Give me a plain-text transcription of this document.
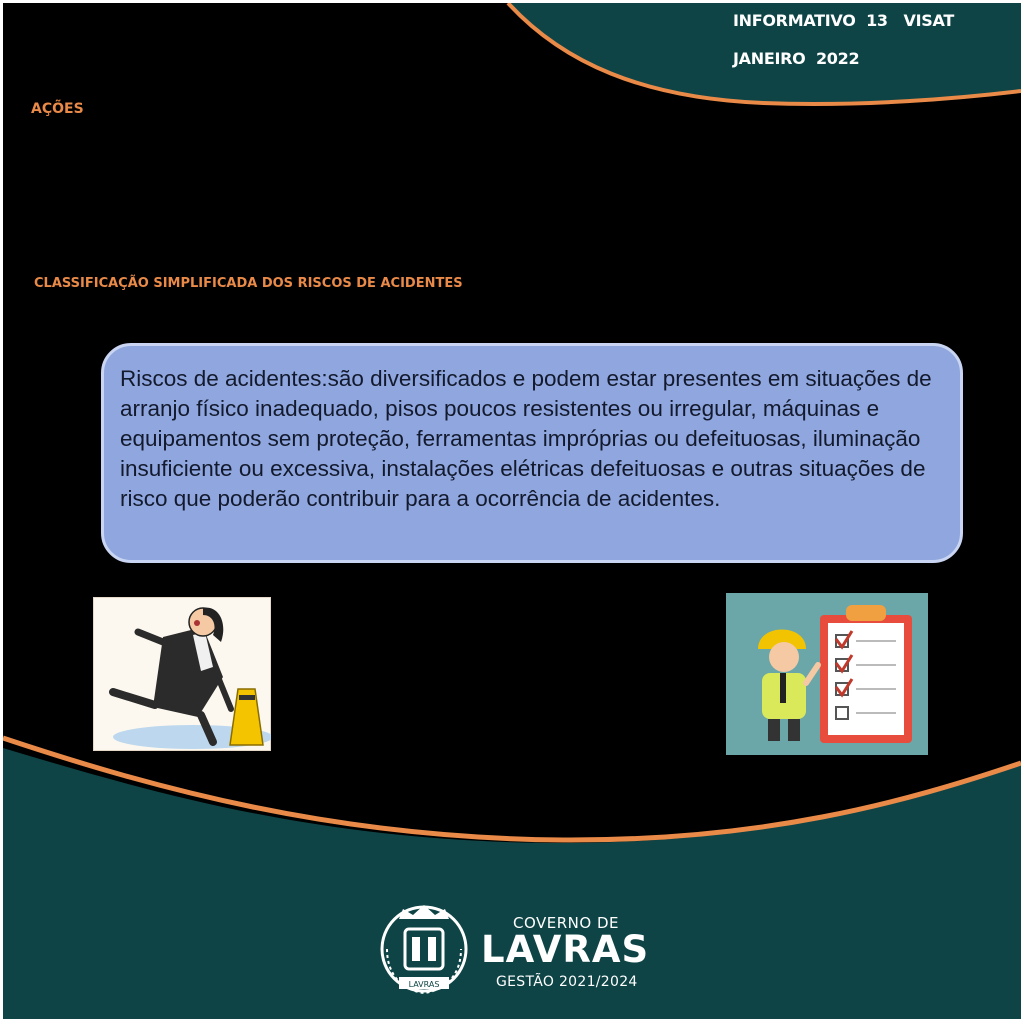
INFORMATIVO  13   VISAT
JANEIRO  2022
AÇÕES
CLASSIFICAÇÃO SIMPLIFICADA DOS RISCOS DE ACIDENTES
Riscos de acidentes:são diversificados e podem estar presentes em situações de arranjo físico inadequado, pisos poucos resistentes ou irregular, máquinas e equipamentos sem proteção, ferramentas impróprias ou defeituosas, iluminação insuficiente ou excessiva, instalações elétricas defeituosas e outras situações de risco que poderão contribuir para a ocorrência de acidentes.
LAVRAS
COVERNO DE
LAVRAS
GESTÃO 2021/2024
